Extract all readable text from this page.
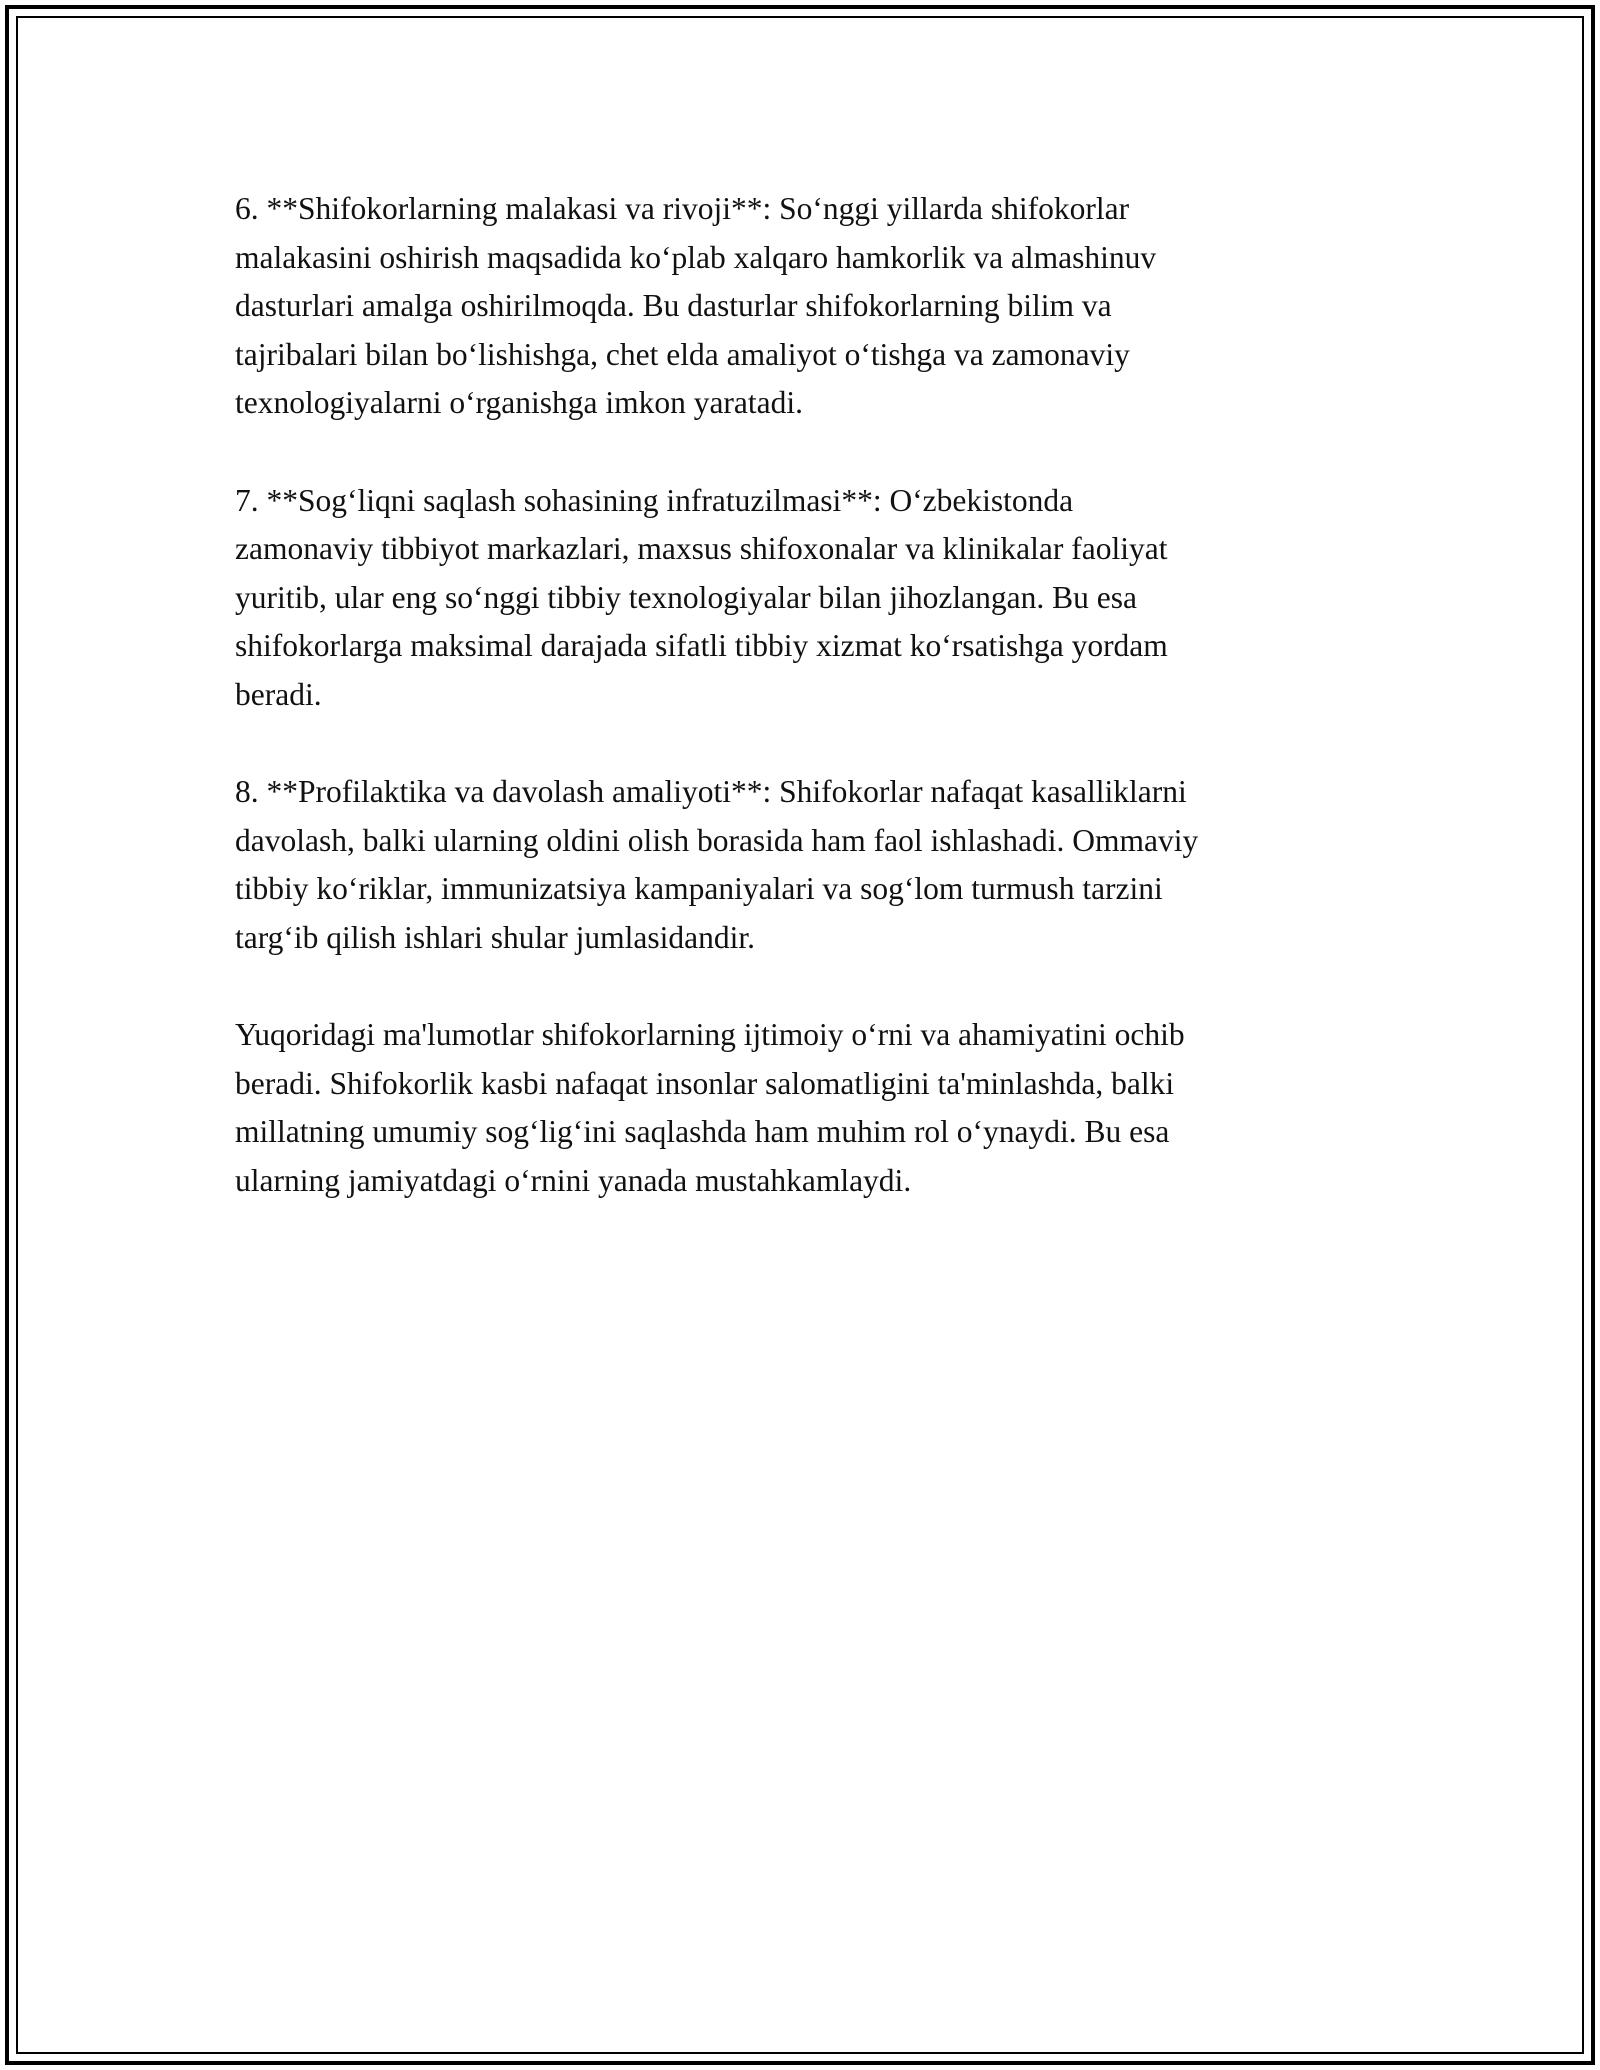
6. **Shifokorlarning malakasi va rivoji**: So‘nggi yillarda shifokorlar
malakasini oshirish maqsadida ko‘plab xalqaro hamkorlik va almashinuv
dasturlari amalga oshirilmoqda. Bu dasturlar shifokorlarning bilim va
tajribalari bilan bo‘lishishga, chet elda amaliyot o‘tishga va zamonaviy
texnologiyalarni o‘rganishga imkon yaratadi.

7. **Sog‘liqni saqlash sohasining infratuzilmasi**: O‘zbekistonda
zamonaviy tibbiyot markazlari, maxsus shifoxonalar va klinikalar faoliyat
yuritib, ular eng so‘nggi tibbiy texnologiyalar bilan jihozlangan. Bu esa
shifokorlarga maksimal darajada sifatli tibbiy xizmat ko‘rsatishga yordam
beradi.

8. **Profilaktika va davolash amaliyoti**: Shifokorlar nafaqat kasalliklarni
davolash, balki ularning oldini olish borasida ham faol ishlashadi. Ommaviy
tibbiy ko‘riklar, immunizatsiya kampaniyalari va sog‘lom turmush tarzini
targ‘ib qilish ishlari shular jumlasidandir.

Yuqoridagi ma'lumotlar shifokorlarning ijtimoiy o‘rni va ahamiyatini ochib
beradi. Shifokorlik kasbi nafaqat insonlar salomatligini ta'minlashda, balki
millatning umumiy sog‘lig‘ini saqlashda ham muhim rol o‘ynaydi. Bu esa
ularning jamiyatdagi o‘rnini yanada mustahkamlaydi.
